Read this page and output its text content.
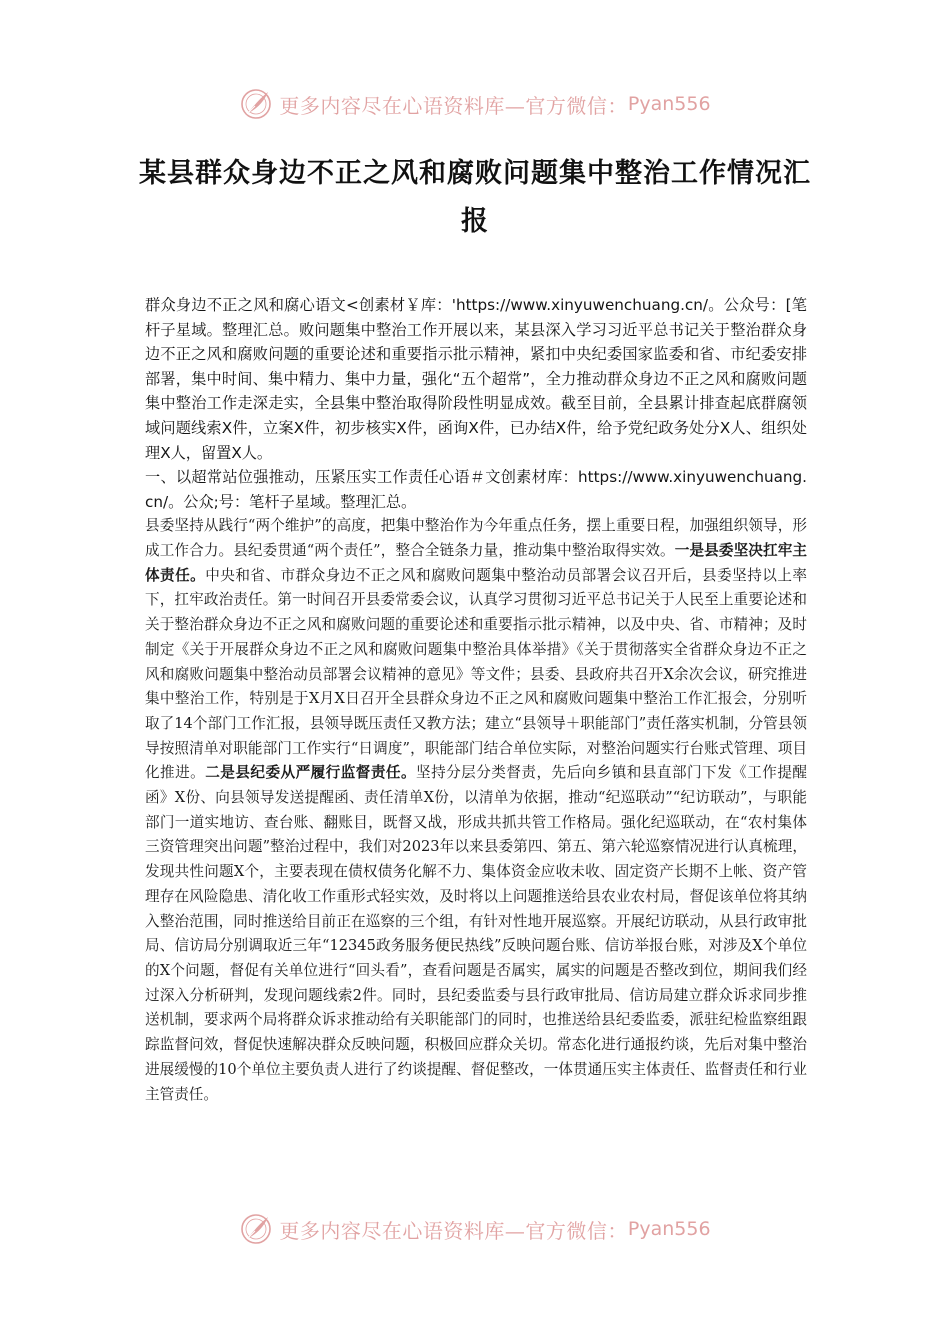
更多内容尽在心语资料库—官方微信： Pyan556
某县群众身边不正之风和腐败问题集中整治工作情况汇报

群众身边不正之风和腐心语文<创素材￥库：'https://www.xinyuwenchuang.cn/。公众号：[笔杆子星域。整理汇总。败问题集中整治工作开展以来，某县深入学习习近平总书记关于整治群众身边不正之风和腐败问题的重要论述和重要指示批示精神，紧扣中央纪委国家监委和省、市纪委安排部署，集中时间、集中精力、集中力量，强化“五个超常”，全力推动群众身边不正之风和腐败问题集中整治工作走深走实，全县集中整治取得阶段性明显成效。截至目前，全县累计排查起底群腐领域问题线索X件，立案X件，初步核实X件，函询X件，已办结X件，给予党纪政务处分X人、组织处理X人，留置X人。

一、以超常站位强推动，压紧压实工作责任心语＃文创素材库：https://www.xinyuwenchuang.cn/。公众;号：笔杆子星域。整理汇总。

县委坚持从践行“两个维护”的高度，把集中整治作为今年重点任务，摆上重要日程，加强组织领导，形成工作合力。县纪委贯通“两个责任”，整合全链条力量，推动集中整治取得实效。一是县委坚决扛牢主体责任。中央和省、市群众身边不正之风和腐败问题集中整治动员部署会议召开后，县委坚持以上率下，扛牢政治责任。第一时间召开县委常委会议，认真学习贯彻习近平总书记关于人民至上重要论述和关于整治群众身边不正之风和腐败问题的重要论述和重要指示批示精神，以及中央、省、市精神；及时制定《关于开展群众身边不正之风和腐败问题集中整治具体举措》《关于贯彻落实全省群众身边不正之风和腐败问题集中整治动员部署会议精神的意见》等文件；县委、县政府共召开X余次会议，研究推进集中整治工作，特别是于X月X日召开全县群众身边不正之风和腐败问题集中整治工作汇报会，分别听取了14个部门工作汇报，县领导既压责任又教方法；建立“县领导＋职能部门”责任落实机制，分管县领导按照清单对职能部门工作实行“日调度”，职能部门结合单位实际，对整治问题实行台账式管理、项目化推进。二是县纪委从严履行监督责任。坚持分层分类督责，先后向乡镇和县直部门下发《工作提醒函》X份、向县领导发送提醒函、责任清单X份，以清单为依据，推动“纪巡联动”“纪访联动”，与职能部门一道实地访、查台账、翻账目，既督又战，形成共抓共管工作格局。强化纪巡联动，在“农村集体三资管理突出问题”整治过程中，我们对2023年以来县委第四、第五、第六轮巡察情况进行认真梳理，发现共性问题X个，主要表现在债权债务化解不力、集体资金应收未收、固定资产长期不上帐、资产管理存在风险隐患、清化收工作重形式轻实效，及时将以上问题推送给县农业农村局，督促该单位将其纳入整治范围，同时推送给目前正在巡察的三个组，有针对性地开展巡察。开展纪访联动，从县行政审批局、信访局分别调取近三年“12345政务服务便民热线”反映问题台账、信访举报台账，对涉及X个单位的X个问题，督促有关单位进行“回头看”，查看问题是否属实，属实的问题是否整改到位，期间我们经过深入分析研判，发现问题线索2件。同时，县纪委监委与县行政审批局、信访局建立群众诉求同步推送机制，要求两个局将群众诉求推动给有关职能部门的同时，也推送给县纪委监委，派驻纪检监察组跟踪监督问效，督促快速解决群众反映问题，积极回应群众关切。常态化进行通报约谈，先后对集中整治进展缓慢的10个单位主要负责人进行了约谈提醒、督促整改，一体贯通压实主体责任、监督责任和行业主管责任。

更多内容尽在心语资料库—官方微信： Pyan556
